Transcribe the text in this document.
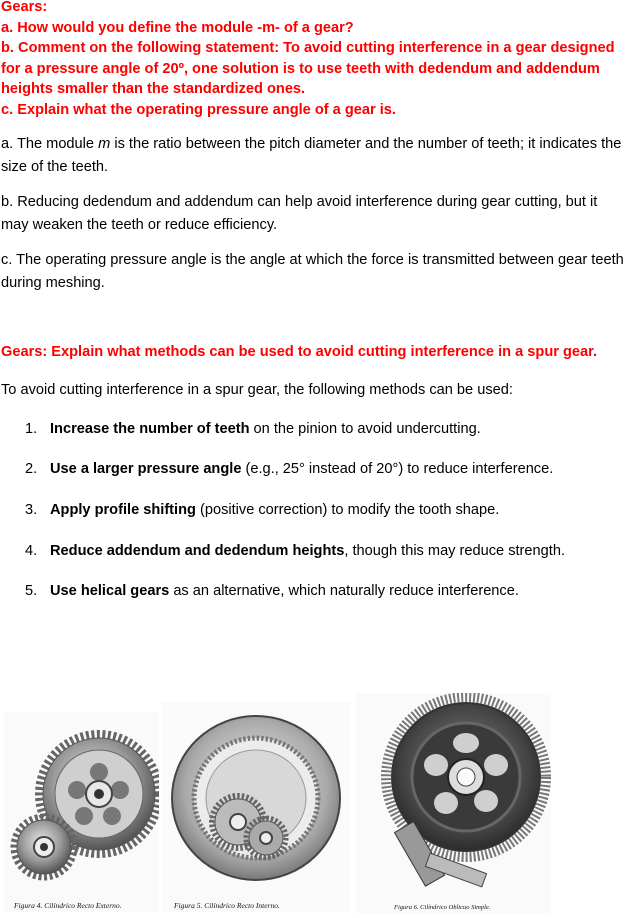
Gears:
a. How would you define the module -m- of a gear?
b. Comment on the following statement: To avoid cutting interference in a gear designed for a pressure angle of 20º, one solution is to use teeth with dedendum and addendum heights smaller than the standardized ones.
c. Explain what the operating pressure angle of a gear is.
a. The module m is the ratio between the pitch diameter and the number of teeth; it indicates the size of the teeth.
b. Reducing dedendum and addendum can help avoid interference during gear cutting, but it may weaken the teeth or reduce efficiency.
c. The operating pressure angle is the angle at which the force is transmitted between gear teeth during meshing.
Gears: Explain what methods can be used to avoid cutting interference in a spur gear.
To avoid cutting interference in a spur gear, the following methods can be used:
1. Increase the number of teeth on the pinion to avoid undercutting.
2. Use a larger pressure angle (e.g., 25° instead of 20°) to reduce interference.
3. Apply profile shifting (positive correction) to modify the tooth shape.
4. Reduce addendum and dedendum heights, though this may reduce strength.
5. Use helical gears as an alternative, which naturally reduce interference.
Figura 4. Cilíndrico Recto Externo.	Figura 5. Cilíndrico Recto Interno.	Figura 6. Cilíndrico Oblicuo Simple.
